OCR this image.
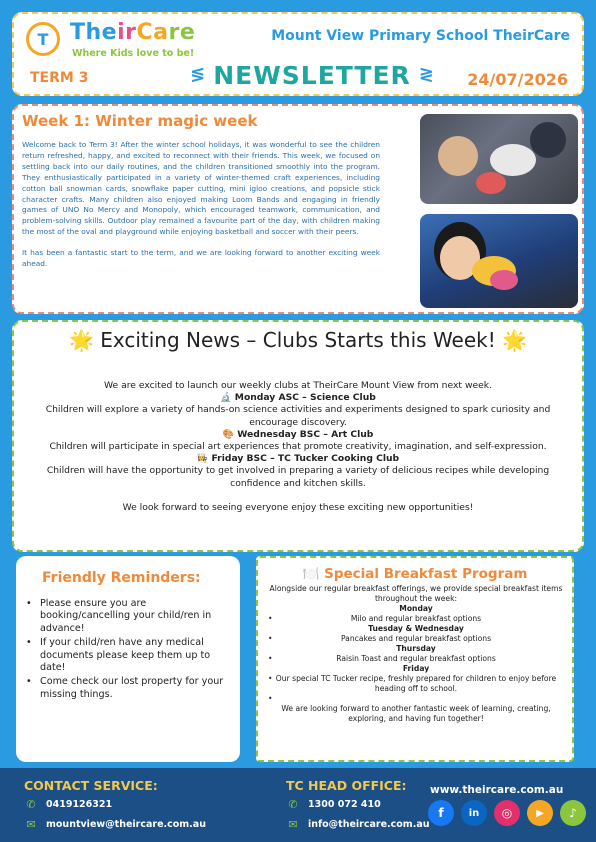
T TheirCare
Where Kids love to be!
Mount View Primary School TheirCare
TERM 3	≶ NEWSLETTER ≷ 24/07/2026
Week 1: Winter magic week

Welcome back to Term 3! After the winter school holidays, it was wonderful to see the children return refreshed, happy, and excited to reconnect with their friends. This week, we focused on settling back into our daily routines, and the children transitioned smoothly into the program. They enthusiastically participated in a variety of winter-themed craft experiences, including cotton ball snowman cards, snowflake paper cutting, mini igloo creations, and popsicle stick character crafts. Many children also enjoyed making Loom Bands and engaging in friendly games of UNO No Mercy and Monopoly, which encouraged teamwork, communication, and problem-solving skills. Outdoor play remained a favourite part of the day, with children making the most of the oval and playground while enjoying basketball and soccer with their peers.

It has been a fantastic start to the term, and we are looking forward to another exciting week ahead.

🌟 Exciting News – Clubs Starts this Week! 🌟
We are excited to launch our weekly clubs at TheirCare Mount View from next week.
🔬 Monday ASC – Science Club
Children will explore a variety of hands-on science activities and experiments designed to spark curiosity and encourage discovery.
🎨 Wednesday BSC – Art Club
Children will participate in special art experiences that promote creativity, imagination, and self-expression.
👩‍🍳 Friday BSC – TC Tucker Cooking Club
Children will have the opportunity to get involved in preparing a variety of delicious recipes while developing confidence and kitchen skills.
We look forward to seeing everyone enjoy these exciting new opportunities!
Friendly Reminders:
• Please ensure you are booking/cancelling your child/ren in advance!
• If your child/ren have any medical documents please keep them up to date!
• Come check our lost property for your missing things.
🍽️ Special Breakfast Program
Alongside our regular breakfast offerings, we provide special breakfast items throughout the week:
Monday
• Milo and regular breakfast options
Tuesday & Wednesday
• Pancakes and regular breakfast options
Thursday
• Raisin Toast and regular breakfast options
Friday
• Our special TC Tucker recipe, freshly prepared for children to enjoy before heading off to school.
•
We are looking forward to another fantastic week of learning, creating, exploring, and having fun together!
CONTACT SERVICE:
✆ 0419126321
✉ mountview@theircare.com.au
TC HEAD OFFICE:
✆ 1300 072 410
✉ info@theircare.com.au
www.theircare.com.au
f	in	◎	▶	♪
